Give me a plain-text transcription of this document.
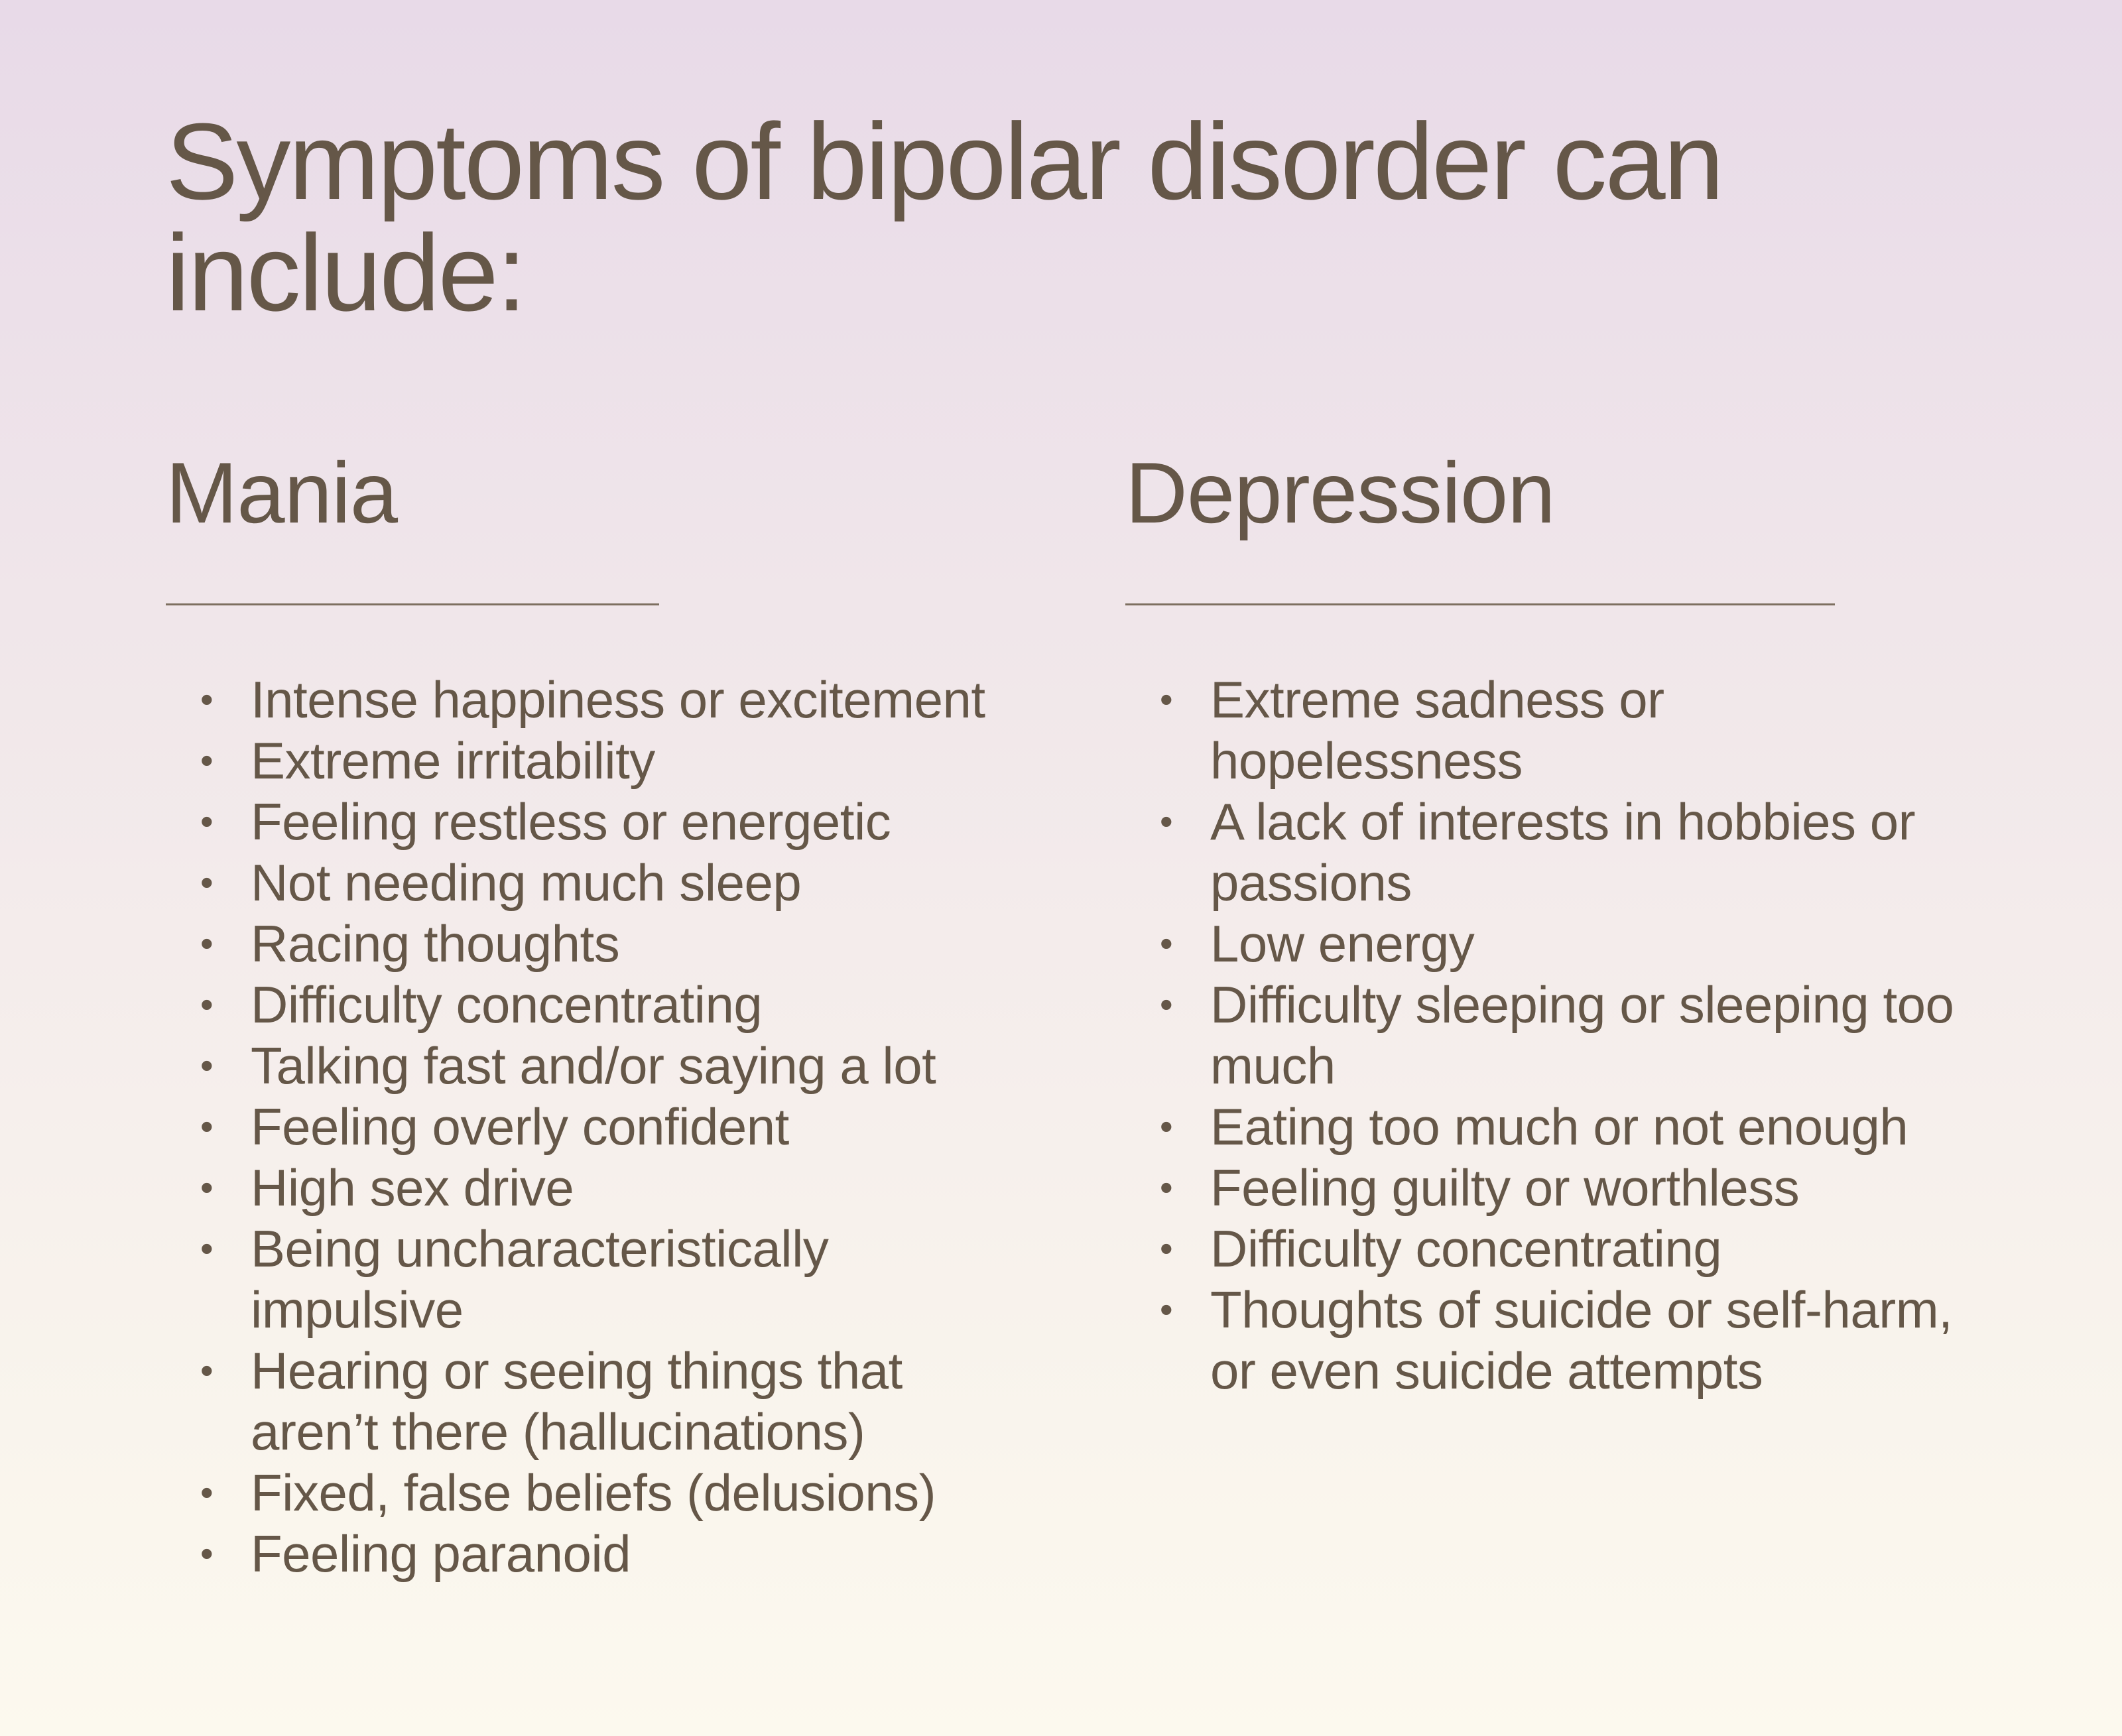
Symptoms of bipolar disorder can include:
Mania
• Intense happiness or excitement
• Extreme irritability
• Feeling restless or energetic
• Not needing much sleep
• Racing thoughts
• Difficulty concentrating
• Talking fast and/or saying a lot
• Feeling overly confident
• High sex drive
• Being uncharacteristically impulsive
• Hearing or seeing things that aren’t there (hallucinations)
• Fixed, false beliefs (delusions)
• Feeling paranoid
Depression
• Extreme sadness or hopelessness
• A lack of interests in hobbies or passions
• Low energy
• Difficulty sleeping or sleeping too much
• Eating too much or not enough
• Feeling guilty or worthless
• Difficulty concentrating
• Thoughts of suicide or self-harm, or even suicide attempts
